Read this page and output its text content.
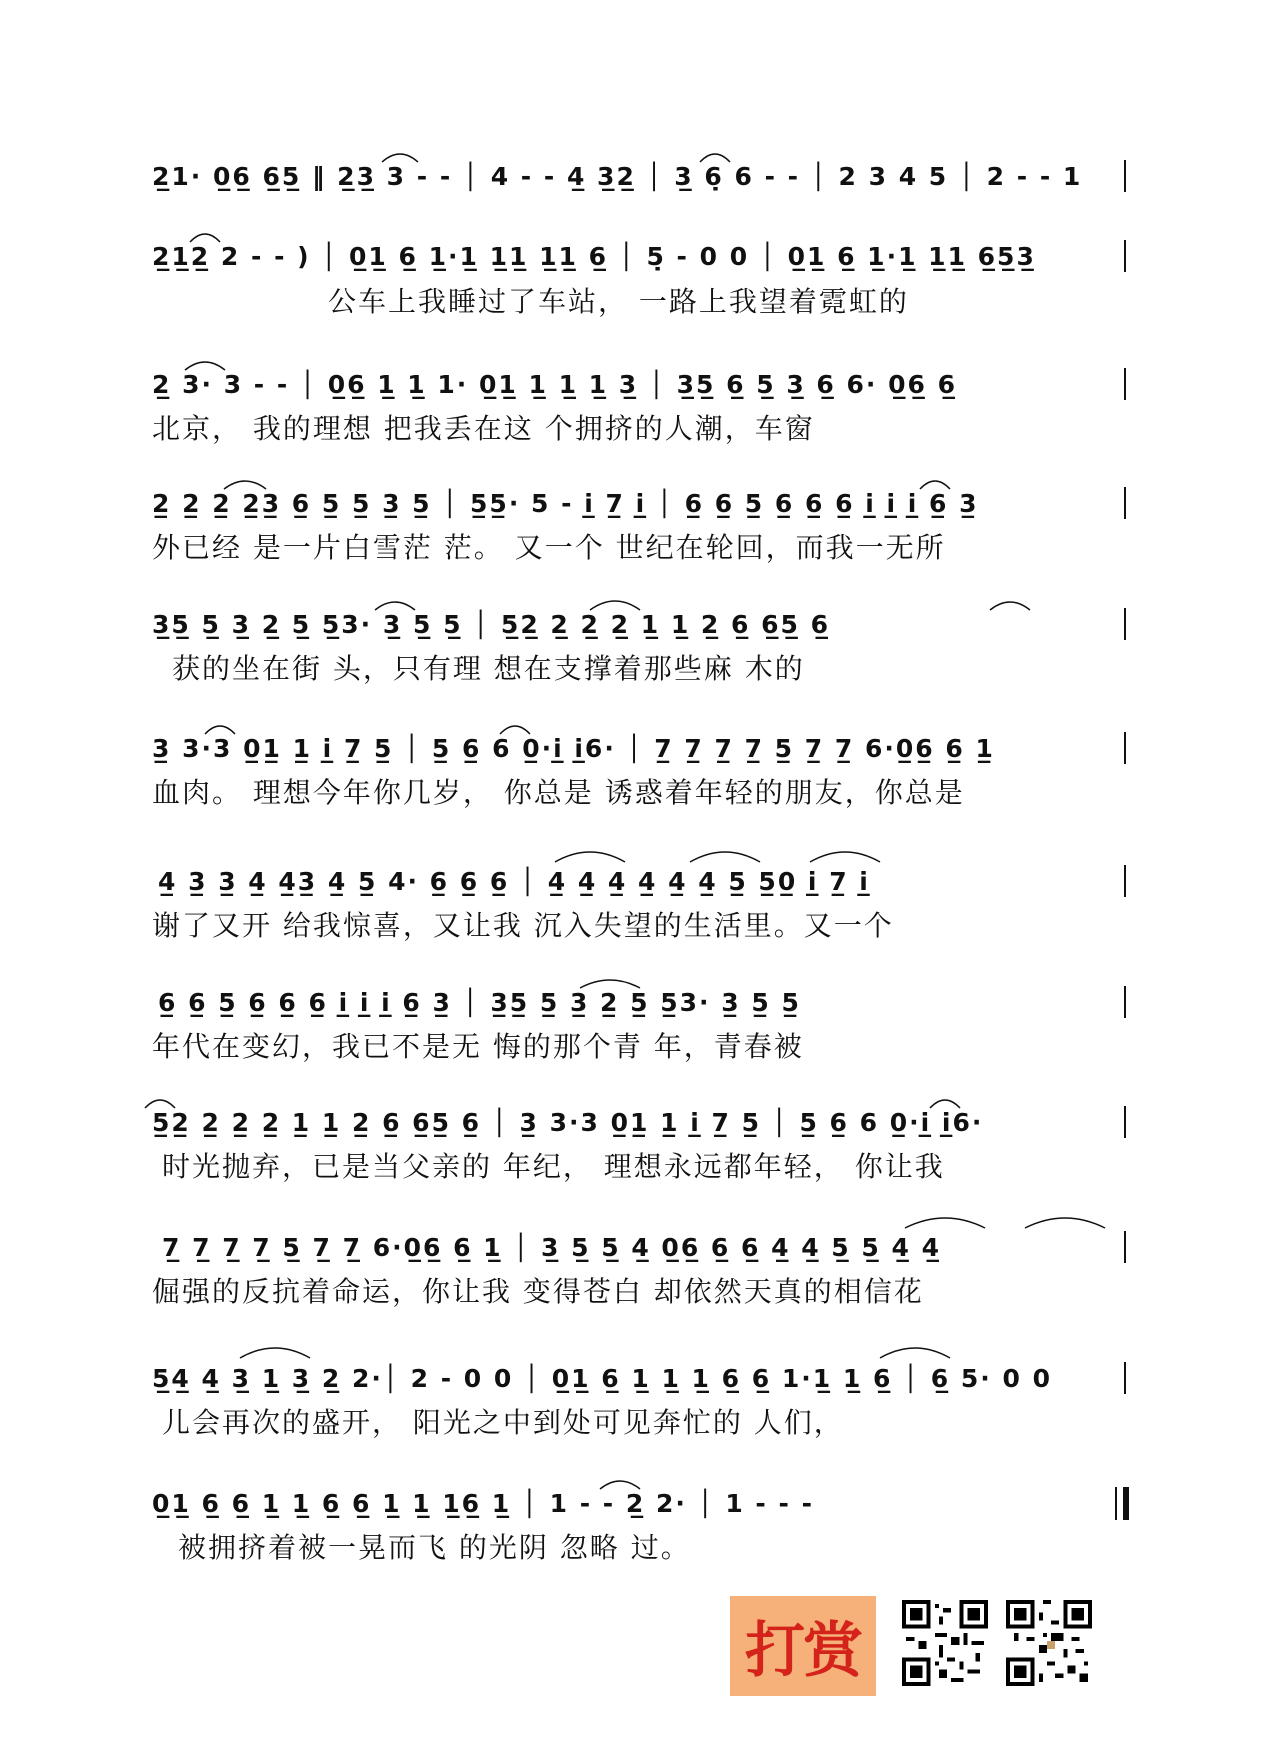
2̲1· 0̲6̲ 6̲5̲ ‖ 2̲3̲ 3 - - │ 4 - - 4̲ 3̲2̲ │ 3̲ 6̣ 6 - - │ 2 3 4 5 │ 2 - - 1
2̲1̲2̲ 2 - - ) │ 0̲1̲ 6̲ 1̲·1̲ 1̲1̲ 1̲1̲ 6̲ │ 5̣ - 0 0 │ 0̲1̲ 6̲ 1̲·1̲ 1̲1̲ 6̲5̲3̲
公车上我睡过了车站， 一路上我望着霓虹的
2̲ 3· 3 - - │ 0̲6̲ 1̲ 1̲ 1· 0̲1̲ 1̲ 1̲ 1̲ 3̲ │ 3̲5̲ 6̲ 5̲ 3̲ 6̲ 6· 0̲6̲ 6̲
北京， 我的理想 把我丢在这 个拥挤的人潮，车窗
2̲ 2̲ 2̲ 2̲3̲ 6̲ 5̲ 5̲ 3̲ 5̲ │ 5̲5̲· 5 - i̲ 7̲ i̲ │ 6̲ 6̲ 5̲ 6̲ 6̲ 6̲ i̲ i̲ i̲ 6̲ 3̲
外已经 是一片白雪茫 茫。 又一个 世纪在轮回，而我一无所
3̲5̲ 5̲ 3̲ 2̲ 5̲ 5̲3· 3̲ 5̲ 5̲ │ 5̲2̲ 2̲ 2̲ 2̲ 1̲ 1̲ 2̲ 6̲ 6̲5̲ 6̲
获的坐在街 头，只有理 想在支撑着那些麻 木的
3̲ 3·3 0̲1̲ 1̲ i̲ 7̲ 5̲ │ 5̲ 6̲ 6 0̲·i̲ i̲6· │ 7̲ 7̲ 7̲ 7̲ 5̲ 7̲ 7̲ 6·0̲6̲ 6̲ 1̲
血肉。 理想今年你几岁， 你总是 诱惑着年轻的朋友，你总是
4̲ 3̲ 3̲ 4̲ 4̲3̲ 4̲ 5̲ 4· 6̲ 6̲ 6̲ │ 4̲ 4̲ 4̲ 4̲ 4̲ 4̲ 5̲ 5̲0̲ i̲ 7̲ i̲
谢了又开 给我惊喜，又让我 沉入失望的生活里。又一个
6̲ 6̲ 5̲ 6̲ 6̲ 6̲ i̲ i̲ i̲ 6̲ 3̲ │ 3̲5̲ 5̲ 3̲ 2̲ 5̲ 5̲3· 3̲ 5̲ 5̲
年代在变幻，我已不是无 悔的那个青 年，青春被
5̲2̲ 2̲ 2̲ 2̲ 1̲ 1̲ 2̲ 6̲ 6̲5̲ 6̲ │ 3̲ 3·3 0̲1̲ 1̲ i̲ 7̲ 5̲ │ 5̲ 6̲ 6 0̲·i̲ i̲6·
时光抛弃，已是当父亲的 年纪， 理想永远都年轻， 你让我
7̲ 7̲ 7̲ 7̲ 5̲ 7̲ 7̲ 6·0̲6̲ 6̲ 1̲ │ 3̲ 5̲ 5̲ 4̲ 0̲6̲ 6̲ 6̲ 4̲ 4̲ 5̲ 5̲ 4̲ 4̲
倔强的反抗着命运，你让我 变得苍白 却依然天真的相信花
5̲4̲ 4̲ 3̲ 1̲ 3̲ 2̲ 2·│ 2 - 0 0 │ 0̲1̲ 6̲ 1̲ 1̲ 1̲ 6̲ 6̲ 1·1̲ 1̲ 6̲ │ 6̲ 5· 0 0
儿会再次的盛开， 阳光之中到处可见奔忙的 人们，
0̲1̲ 6̲ 6̲ 1̲ 1̲ 6̲ 6̲ 1̲ 1̲ 1̲6̲ 1̲ │ 1 - - 2̲ 2· │ 1 - - -
被拥挤着被一晃而飞 的光阴 忽略 过。
打赏
